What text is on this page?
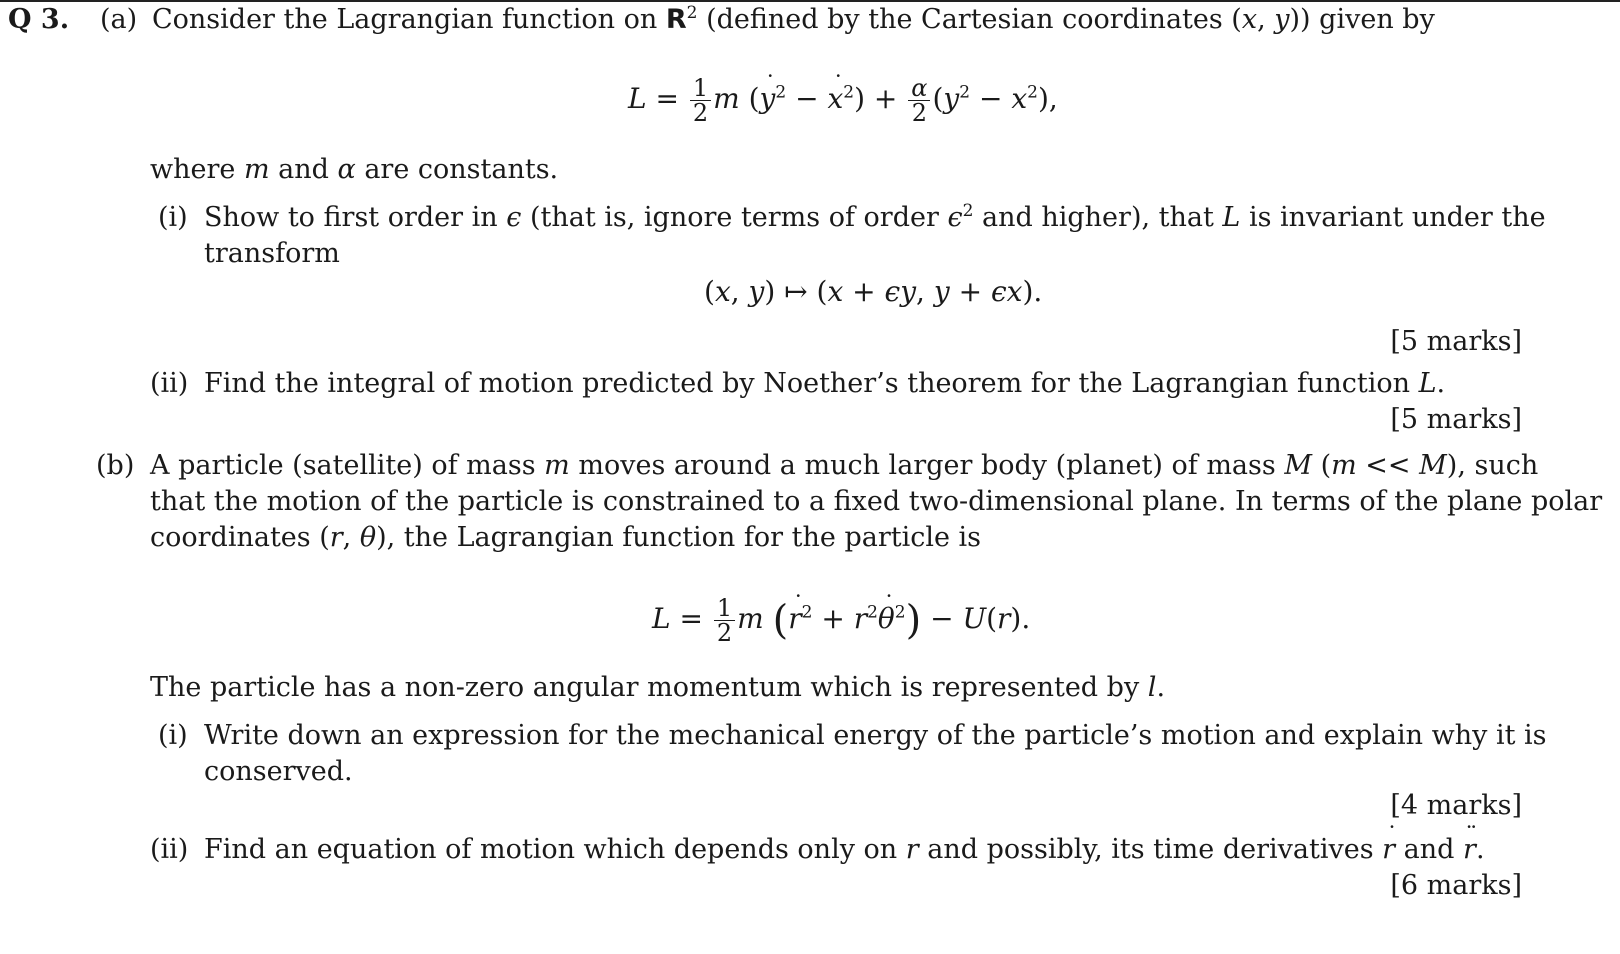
Q 3. (a) Consider the Lagrangian function on $R^2$ (defined by the Cartesian coordinates (x, y)) given by
$L = \frac{1}{2}$ m (y ˙$^2$ − x ˙$^2$) + $\frac{\alpha}{2} (y^2 - x^2)$,
where m and α are constants.
(i) Show to first order in ϵ (that is, ignore terms of order $\epsilon^2$ and higher), that L is invariant under the
transform
(x, y) ↦ (x + ϵy, y + ϵx).
[5 marks]
(ii) Find the integral of motion predicted by Noether’s theorem for the Lagrangian function L.
[5 marks]
(b) A particle (satellite) of mass m moves around a much larger body (planet) of mass M (m << M), such
that the motion of the particle is constrained to a fixed two-dimensional plane. In terms of the plane polar
coordinates (r, θ), the Lagrangian function for the particle is
$L = \frac{1}{2}$ m (r ˙$^2$ + $r^2\theta$ ˙$^2$) − U(r).
The particle has a non-zero angular momentum which is represented by l.
(i) Write down an expression for the mechanical energy of the particle’s motion and explain why it is
conserved.
[4 marks]
(ii) Find an equation of motion which depends only on r and possibly, its time derivatives r ˙ and r ¨.
[6 marks]
